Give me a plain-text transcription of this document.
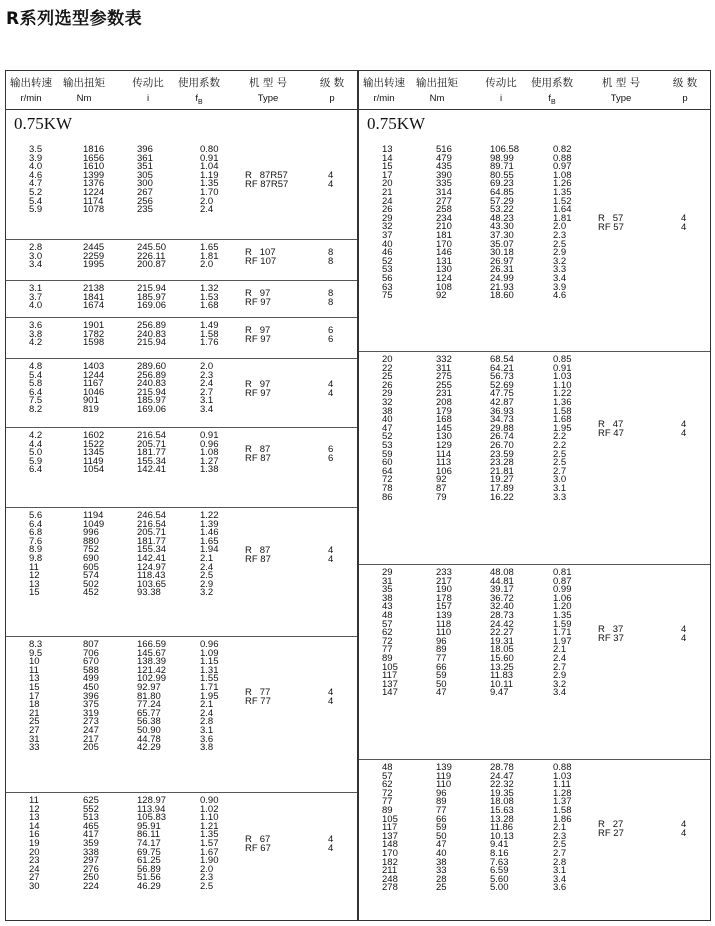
R系列选型参数表
输出转速
r/min
输出扭矩
Nm
传动比
i
使用系数
$f_B$
机 型 号
Type
级 数
p
0.75KW
3.5
3.9
4.0
4.6
4.7
5.2
5.4
5.9
1816
1656
1610
1399
1376
1224
1174
1078
396
361
351
305
300
267
256
235
0.80
0.91
1.04
1.19
1.35
1.70
2.0
2.4
R   87R57
RF 87R57
4
4
2.8
3.0
3.4
2445
2259
1995
245.50
226.11
200.87
1.65
1.81
2.0
R   107
RF 107
8
8
3.1
3.7
4.0
2138
1841
1674
215.94
185.97
169.06
1.32
1.53
1.68
R   97
RF 97
8
8
3.6
3.8
4.2
1901
1782
1598
256.89
240.83
215.94
1.49
1.58
1.76
R   97
RF 97
6
6
4.8
5.4
5.8
6.4
7.5
8.2
1403
1244
1167
1046
901
819
289.60
256.89
240.83
215.94
185.97
169.06
2.0
2.3
2.4
2.7
3.1
3.4
R   97
RF 97
4
4
4.2
4.4
5.0
5.9
6.4
1602
1522
1345
1149
1054
216.54
205.71
181.77
155.34
142.41
0.91
0.96
1.08
1.27
1.38
R   87
RF 87
6
6
5.6
6.4
6.8
7.6
8.9
9.8
11
12
13
15
1194
1049
996
880
752
690
605
574
502
452
246.54
216.54
205.71
181.77
155.34
142.41
124.97
118.43
103.65
93.38
1.22
1.39
1.46
1.65
1.94
2.1
2.4
2.5
2.9
3.2
R   87
RF 87
4
4
8.3
9.5
10
11
13
15
17
18
21
25
27
31
33
807
706
670
588
499
450
396
375
319
273
247
217
205
166.59
145.67
138.39
121.42
102.99
92.97
81.80
77.24
65.77
56.38
50.90
44.78
42.29
0.96
1.09
1.15
1.31
1.55
1.71
1.95
2.1
2.4
2.8
3.1
3.6
3.8
R   77
RF 77
4
4
11
12
13
14
16
19
20
23
24
27
30
625
552
513
465
417
359
338
297
276
250
224
128.97
113.94
105.83
95.91
86.11
74.17
69.75
61.25
56.89
51.56
46.29
0.90
1.02
1.10
1.21
1.35
1.57
1.67
1.90
2.0
2.3
2.5
R   67
RF 67
4
4
输出转速
r/min
输出扭矩
Nm
传动比
i
使用系数
$f_B$
机 型 号
Type
级 数
p
0.75KW
13
14
15
17
20
21
24
26
29
32
37
40
46
52
53
56
63
75
516
479
435
390
335
314
277
258
234
210
181
170
146
131
130
124
108
92
106.58
98.99
89.71
80.55
69.23
64.85
57.29
53.22
48.23
43.30
37.30
35.07
30.18
26.97
26.31
24.99
21.93
18.60
0.82
0.88
0.97
1.08
1.26
1.35
1.52
1.64
1.81
2.0
2.3
2.5
2.9
3.2
3.3
3.4
3.9
4.6
R   57
RF 57
4
4
20
22
25
26
29
32
38
40
47
52
53
59
60
64
72
78
86
332
311
275
255
231
208
179
168
145
130
129
114
113
106
92
87
79
68.54
64.21
56.73
52.69
47.75
42.87
36.93
34.73
29.88
26.74
26.70
23.59
23.28
21.81
19.27
17.89
16.22
0.85
0.91
1.03
1.10
1.22
1.36
1.58
1.68
1.95
2.2
2.2
2.5
2.5
2.7
3.0
3.1
3.3
R   47
RF 47
4
4
29
31
35
38
43
48
57
62
72
77
89
105
117
137
147
233
217
190
178
157
139
118
110
96
89
77
66
59
50
47
48.08
44.81
39.17
36.72
32.40
28.73
24.42
22.27
19.31
18.05
15.60
13.25
11.83
10.11
9.47
0.81
0.87
0.99
1.06
1.20
1.35
1.59
1.71
1.97
2.1
2.4
2.7
2.9
3.2
3.4
R   37
RF 37
4
4
48
57
62
72
77
89
105
117
137
148
170
182
211
248
278
139
119
110
96
89
77
66
59
50
47
40
38
33
28
25
28.78
24.47
22.32
19.35
18.08
15.63
13.28
11.86
10.13
9.41
8.16
7.63
6.59
5.60
5.00
0.88
1.03
1.11
1.28
1.37
1.58
1.86
2.1
2.3
2.5
2.7
2.8
3.1
3.4
3.6
R   27
RF 27
4
4
